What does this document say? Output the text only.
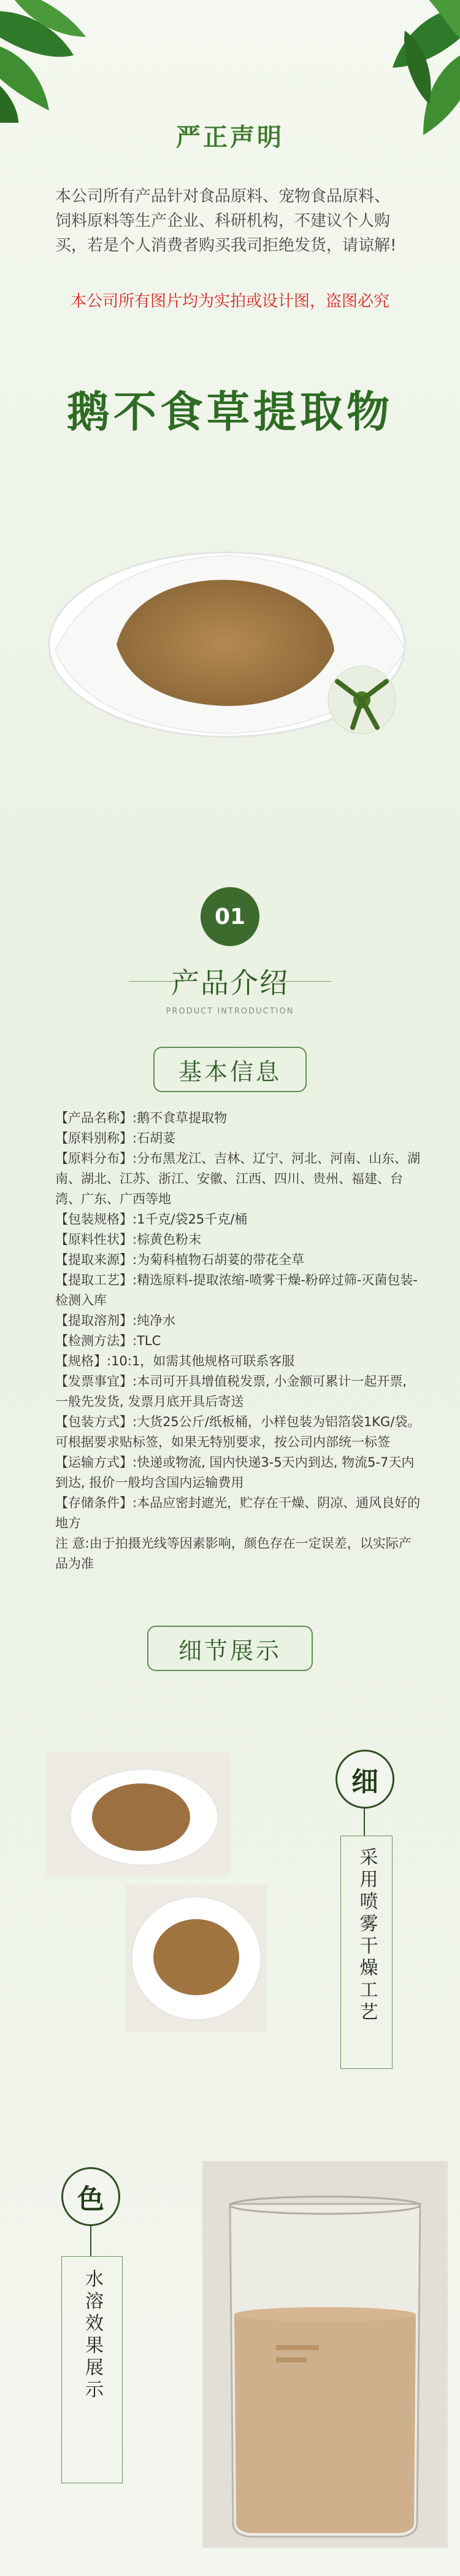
严正声明
本公司所有产品针对食品原料、宠物食品原料、饲料原料等生产企业、科研机构，不建议个人购买，若是个人消费者购买我司拒绝发货，请谅解!
本公司所有图片均为实拍或设计图，盗图必究
鹅不食草提取物
01
产品介绍
PRODUCT INTRODUCTION
基本信息
【产品名称】:鹅不食草提取物
【原料别称】:石胡荽
【原料分布】:分布黑龙江、吉林、辽宁、河北、河南、山东、湖南、湖北、江苏、浙江、安徽、江西、四川、贵州、福建、台湾、广东、广西等地
【包装规格】:1千克/袋25千克/桶
【原料性状】:棕黄色粉末
【提取来源】:为菊科植物石胡荽的带花全草
【提取工艺】:精选原料-提取浓缩-喷雾干燥-粉碎过筛-灭菌包装-检测入库
【提取溶剂】:纯净水
【检测方法】:TLC
【规格】:10:1，如需其他规格可联系客服
【发票事宜】:本司可开具增值税发票, 小金额可累计一起开票, 一般先发货, 发票月底开具后寄送
【包装方式】:大货25公斤/纸板桶，小样包装为铝箔袋1KG/袋。可根据要求贴标签，如果无特别要求，按公司内部统一标签
【运输方式】:快递或物流, 国内快递3-5天内到达, 物流5-7天内到达, 报价一般均含国内运输费用
【存储条件】:本品应密封遮光，贮存在干燥、阴凉、通风良好的地方
注 意:由于拍摄光线等因素影响，颜色存在一定误差，以实际产品为准
细节展示
细
采用喷雾干燥工艺
色
水溶效果展示
